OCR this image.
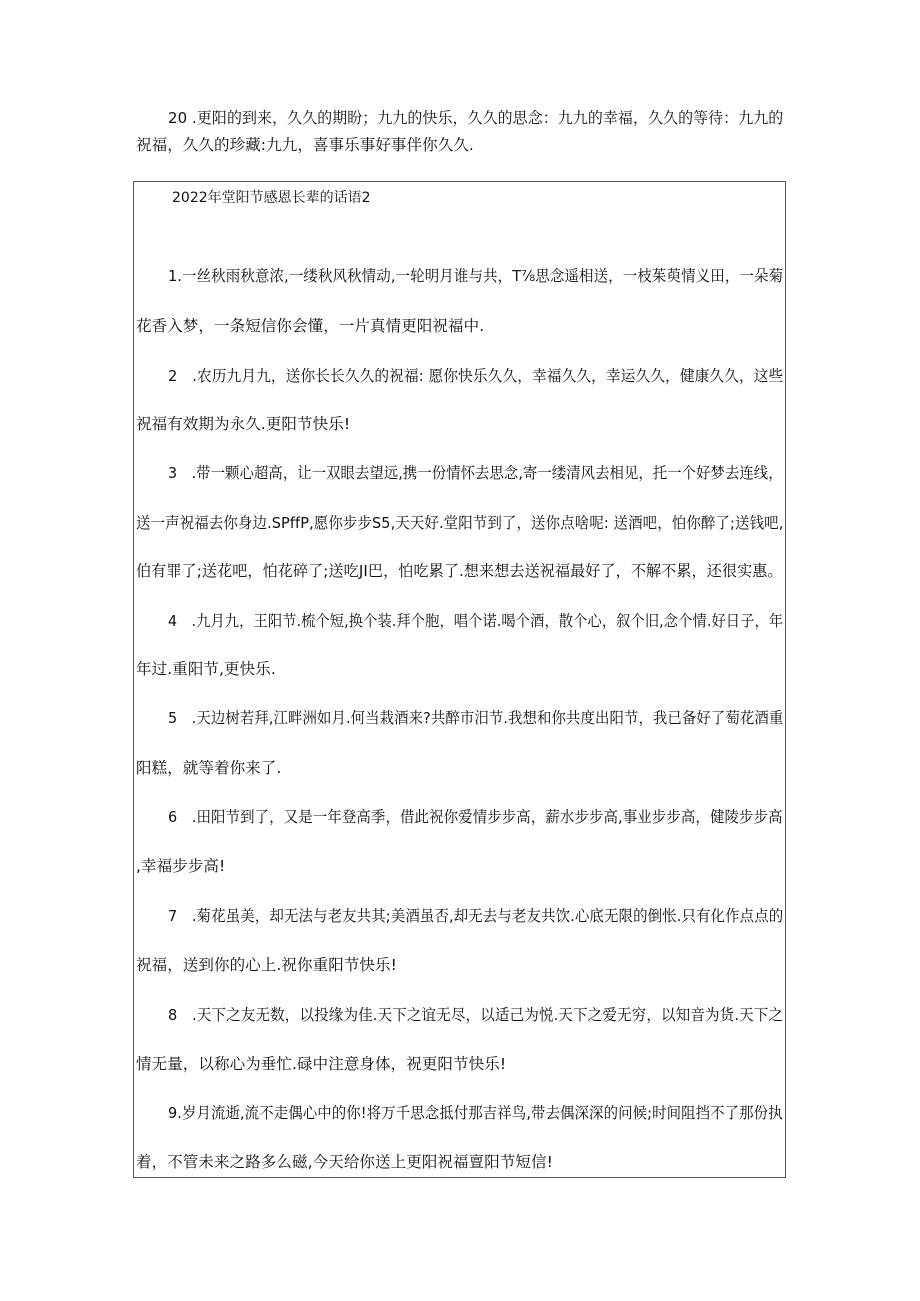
20 .更阳的到来，久久的期盼；九九的快乐，久久的思念：九九的幸福，久久的等待：九九的

祝福，久久的珍藏:九九，喜事乐事好事伴你久久.

2022年堂阳节感恩长辈的话语2

1.一丝秋雨秋意浓,一缕秋风秋情动,一轮明月谁与共，T⅞思念遥相送，一枝茱萸情义田，一朵菊

花香入梦，一条短信你会懂，一片真情更阳祝福中.

2　.农历九月九，送你长长久久的祝福: 愿你快乐久久，幸福久久，幸运久久，健康久久，这些

祝福有效期为永久.更阳节快乐!

3　.带一颗心超高，让一双眼去望远,携一份情怀去思念,寄一缕清风去相见，托一个好梦去连线，

送一声祝福去你身边.SPffP,愿你步步S5,天天好.堂阳节到了，送你点啥呢: 送酒吧，怕你醉了;送钱吧,

伯有罪了;送花吧，怕花碎了;送吃JI巴，怕吃累了.想来想去送祝福最好了，不解不累，还很实惠。

4　.九月九，王阳节.梳个短,换个装.拜个胞，唱个诺.喝个酒，散个心，叙个旧,念个情.好日子，年

年过.重阳节,更快乐.

5　.天边树若拜,江畔洲如月.何当栽酒来?共醉市汨节.我想和你共度出阳节，我已备好了萄花酒重

阳糕，就等着你来了.

6　.田阳节到了，又是一年登高季，借此祝你爱情步步高，薪水步步高,事业步步高，健陵步步高

,幸福步步高!

7　.菊花虽美，却无法与老友共其;美酒虽否,却无去与老友共饮.心底无限的倒怅.只有化作点点的

祝福，送到你的心上.祝你重阳节快乐!

8　.天下之友无数，以投缘为佳.天下之谊无尽，以适己为悦.天下之爱无穷，以知音为货.天下之

情无量，以称心为垂忙.碌中注意身体，祝更阳节快乐!

9.岁月流逝,流不走偶心中的你!将万千思念抵付那吉祥鸟,带去偶深深的问候;时间阻挡不了那份执

着，不管未来之路多么磁,今天给你送上更阳祝福亶阳节短信!
